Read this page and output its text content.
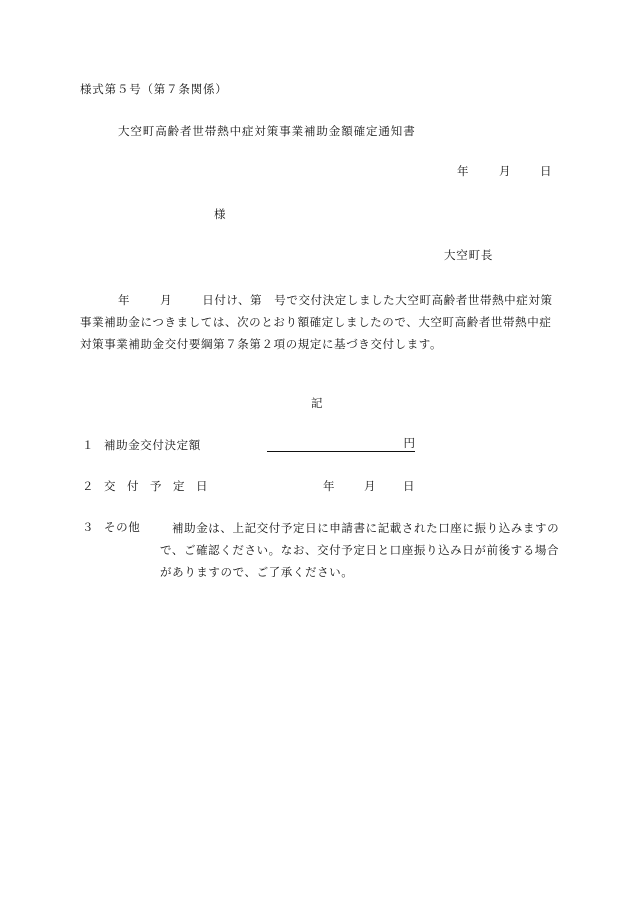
様式第５号（第７条関係）
大空町高齢者世帯熱中症対策事業補助金額確定通知書
年	月	日
様
大空町長
年	月	日付け、第 号で交付決定しました大空町高齢者世帯熱中症対策事業補助金につきましては、次のとおり額確定しましたので、大空町高齢者世帯熱中症対策事業補助金交付要綱第７条第２項の規定に基づき交付します。
記
１ 補助金交付決定額	円
２ 交　付　予　定　日	年	月 日
３ その他	補助金は、上記交付予定日に申請書に記載された口座に振り込みますので、ご確認ください。なお、交付予定日と口座振り込み日が前後する場合がありますので、ご了承ください。
